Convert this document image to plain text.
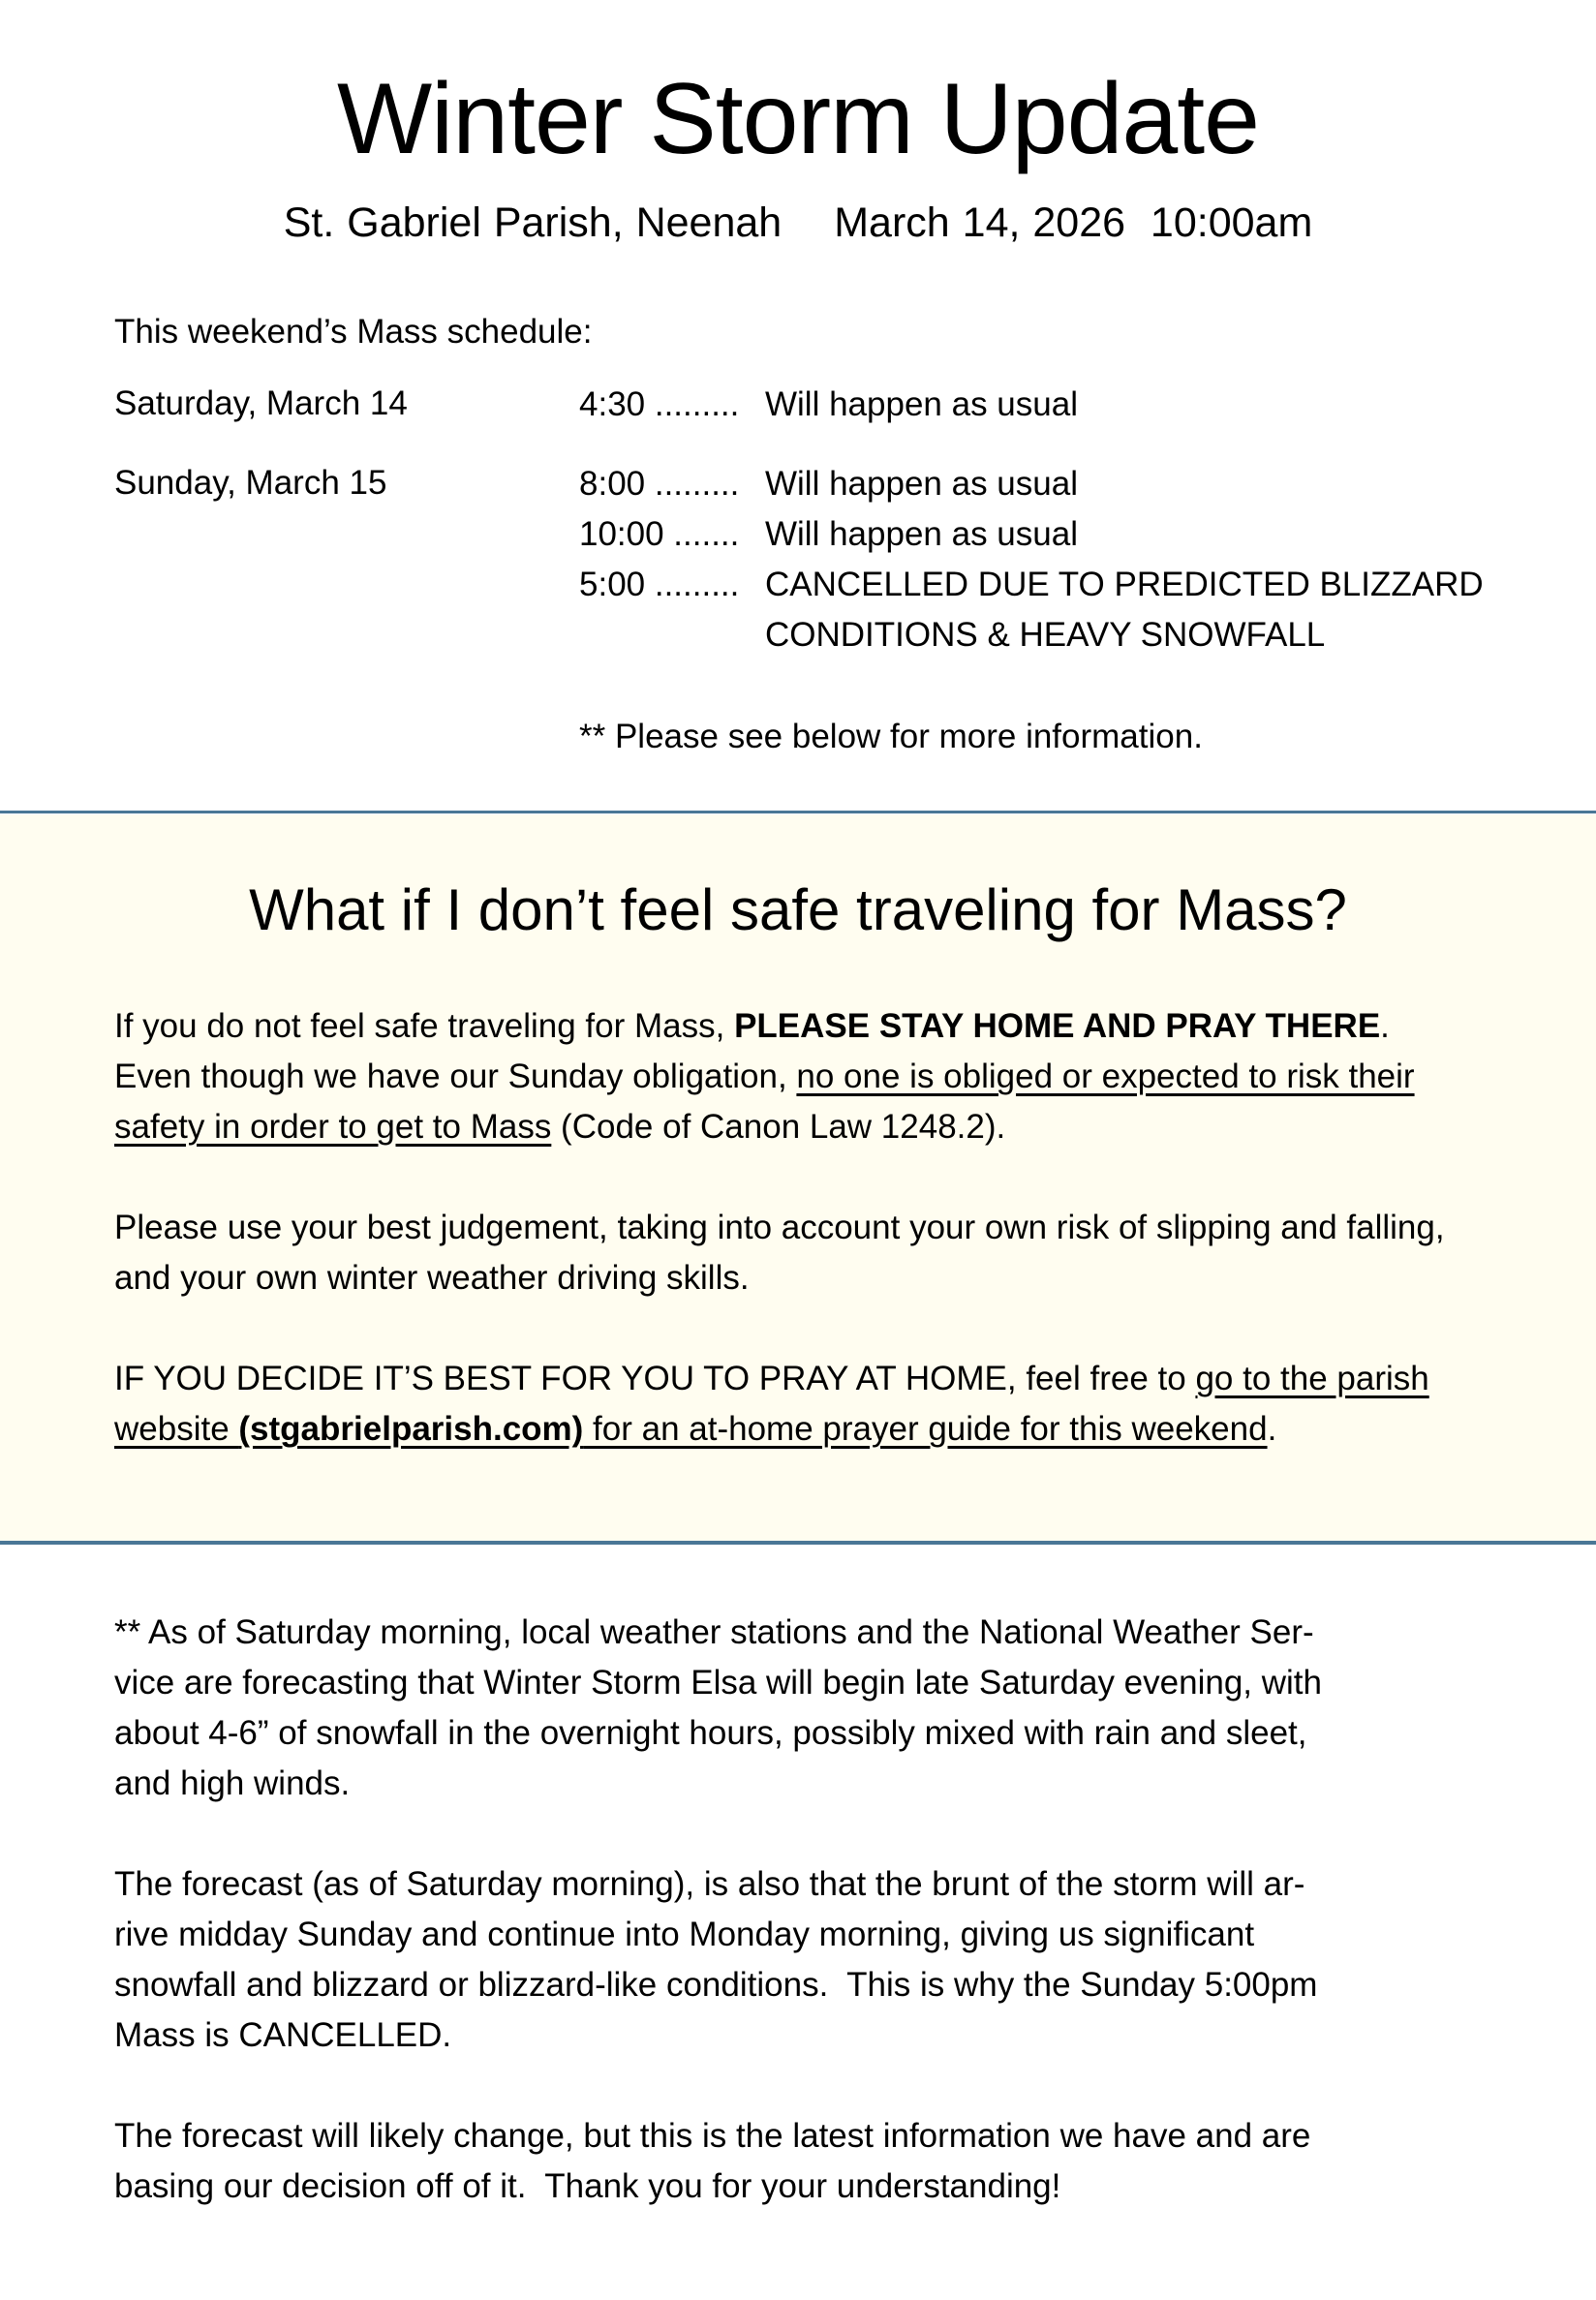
Winter Storm Update
St. Gabriel Parish, Neenah March 14, 2026  10:00am
This weekend’s Mass schedule:
Saturday, March 14	4:30 ......... Will happen as usual
Sunday, March 15	8:00 ......... Will happen as usual
10:00 ....... Will happen as usual
5:00 ......... CANCELLED DUE TO PREDICTED BLIZZARD CONDITIONS & HEAVY SNOWFALL
** Please see below for more information.
What if I don’t feel safe traveling for Mass?

If you do not feel safe traveling for Mass, PLEASE STAY HOME AND PRAY THERE.
Even though we have our Sunday obligation, no one is obliged or expected to risk their safety in order to get to Mass (Code of Canon Law 1248.2).

Please use your best judgement, taking into account your own risk of slipping and falling, and your own winter weather driving skills.

IF YOU DECIDE IT’S BEST FOR YOU TO PRAY AT HOME, feel free to go to the parish website (stgabrielparish.com) for an at-home prayer guide for this weekend.

** As of Saturday morning, local weather stations and the National Weather Ser-
vice are forecasting that Winter Storm Elsa will begin late Saturday evening, with
about 4-6” of snowfall in the overnight hours, possibly mixed with rain and sleet,
and high winds.

The forecast (as of Saturday morning), is also that the brunt of the storm will ar-
rive midday Sunday and continue into Monday morning, giving us significant
snowfall and blizzard or blizzard-like conditions.  This is why the Sunday 5:00pm
Mass is CANCELLED.

The forecast will likely change, but this is the latest information we have and are
basing our decision off of it.  Thank you for your understanding!
